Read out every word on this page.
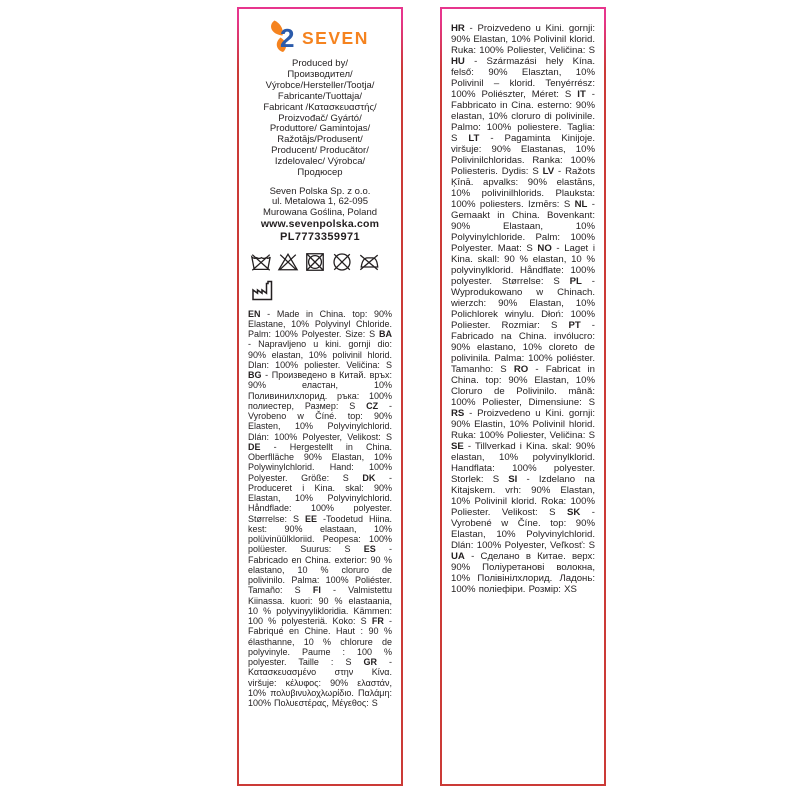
2 SEVEN
Produced by/
Производител/
Výrobce/Hersteller/Tootja/
Fabricante/Tuottaja/
Fabricant /Κατασκευαστής/
Proizvođač/ Gyártó/
Produttore/ Gamintojas/
Ražotājs/Produsent/
Producent/ Producător/
Izdelovalec/ Výrobca/
Продюсер
Seven Polska Sp. z o.o.
ul. Metalowa 1, 62-095
Murowana Goślina, Poland
www.sevenpolska.com
PL7773359971

EN - Made in China. top: 90% Elastane, 10% Polyvinyl Chloride. Palm: 100% Polyester. Size: S BA - Napravljeno u kini. gornji dio: 90% elastan, 10% polivinil hlorid. Dlan: 100% poliester. Veličina: S BG - Произведено в Китай. връх: 90% еластан, 10% Поливинилхлорид. ръка: 100% полиестер, Размер: S CZ - Vyrobeno w Číné. top: 90% Elasten, 10% Polyvinylchlorid. Dlán: 100% Polyester, Velikost: S DE - Hergestellt in China. Oberflläche 90% Elastan, 10% Polywinylchlorid. Hand: 100% Polyester. Größe: S DK - Produceret i Kina. skal: 90% Elastan, 10% Polyvinylchlorid. Håndflade: 100% polyester. Størrelse: S EE -Toodetud Hiina. kest: 90% elastaan, 10% polüvinüülkloriid. Peopesa: 100% polüester. Suurus: S ES - Fabricado en China. exterior: 90 % elastano, 10 % cloruro de polivinilo. Palma: 100% Poliéster. Tamaño: S FI - Valmistettu Kiinassa. kuori: 90 % elastaania, 10 % polyvinyylikloridia. Kämmen: 100 % polyesteriä. Koko: S FR - Fabriqué en Chine. Haut : 90 % élasthanne, 10 % chlorure de polyvinyle. Paume : 100 % polyester. Taille : S GR - Κατασκευασμένο στην Κίνα. viršuje: κέλυφος: 90% ελαστάν, 10% πολυβινυλοχλωρίδιο. Παλάμη: 100% Πολυεστέρας, Μέγεθος: S

HR - Proizvedeno u Kini. gornji: 90% Elastan, 10% Polivinil klorid. Ruka: 100% Poliester, Veličina: S HU - Származási hely Kína. felső: 90% Elasztan, 10% Polivinil – klorid. Tenyérrész: 100% Poliészter, Méret: S IT - Fabbricato in Cina. esterno: 90% elastan, 10% cloruro di polivinile. Palmo: 100% poliestere. Taglia: S LT - Pagaminta Kinijoje. viršuje: 90% Elastanas, 10% Polivinilchloridas. Ranka: 100% Poliesteris. Dydis: S LV - Ražots Ķīnā. apvalks: 90% elastāns, 10% polivinilhlorids. Plauksta: 100% poliesters. Izmērs: S NL - Gemaakt in China. Bovenkant: 90% Elastaan, 10% Polyvinylchloride. Palm: 100% Polyester. Maat: S NO - Laget i Kina. skall: 90 % elastan, 10 % polyvinylklorid. Håndflate: 100% polyester. Størrelse: S PL - Wyprodukowano w Chinach. wierzch: 90% Elastan, 10% Polichlorek winylu. Dłoń: 100% Poliester. Rozmiar: S PT - Fabricado na China. invólucro: 90% elastano, 10% cloreto de polivinila. Palma: 100% poliéster. Tamanho: S RO - Fabricat in China. top: 90% Elastan, 10% Cloruro de Polivinilo. mână: 100% Poliester, Dimensiune: S RS - Proizvedeno u Kini. gornji: 90% Elastin, 10% Polivinil hlorid. Ruka: 100% Poliester, Veličina: S SE - Tillverkad i Kina. skal: 90% elastan, 10% polyvinylklorid. Handflata: 100% polyester. Storlek: S SI - Izdelano na Kitajskem. vrh: 90% Elastan, 10% Polivinil klorid. Roka: 100% Poliester. Velikost: S SK - Vyrobené w Číne. top: 90% Elastan, 10% Polyvinylchlorid. Dlán: 100% Polyester, Veľkosť: S UA - Сделано в Китае. верх: 90% Поліуретанові волокна, 10% Полівінілхлорид. Ладонь: 100% поліефіри. Розмір: XS
